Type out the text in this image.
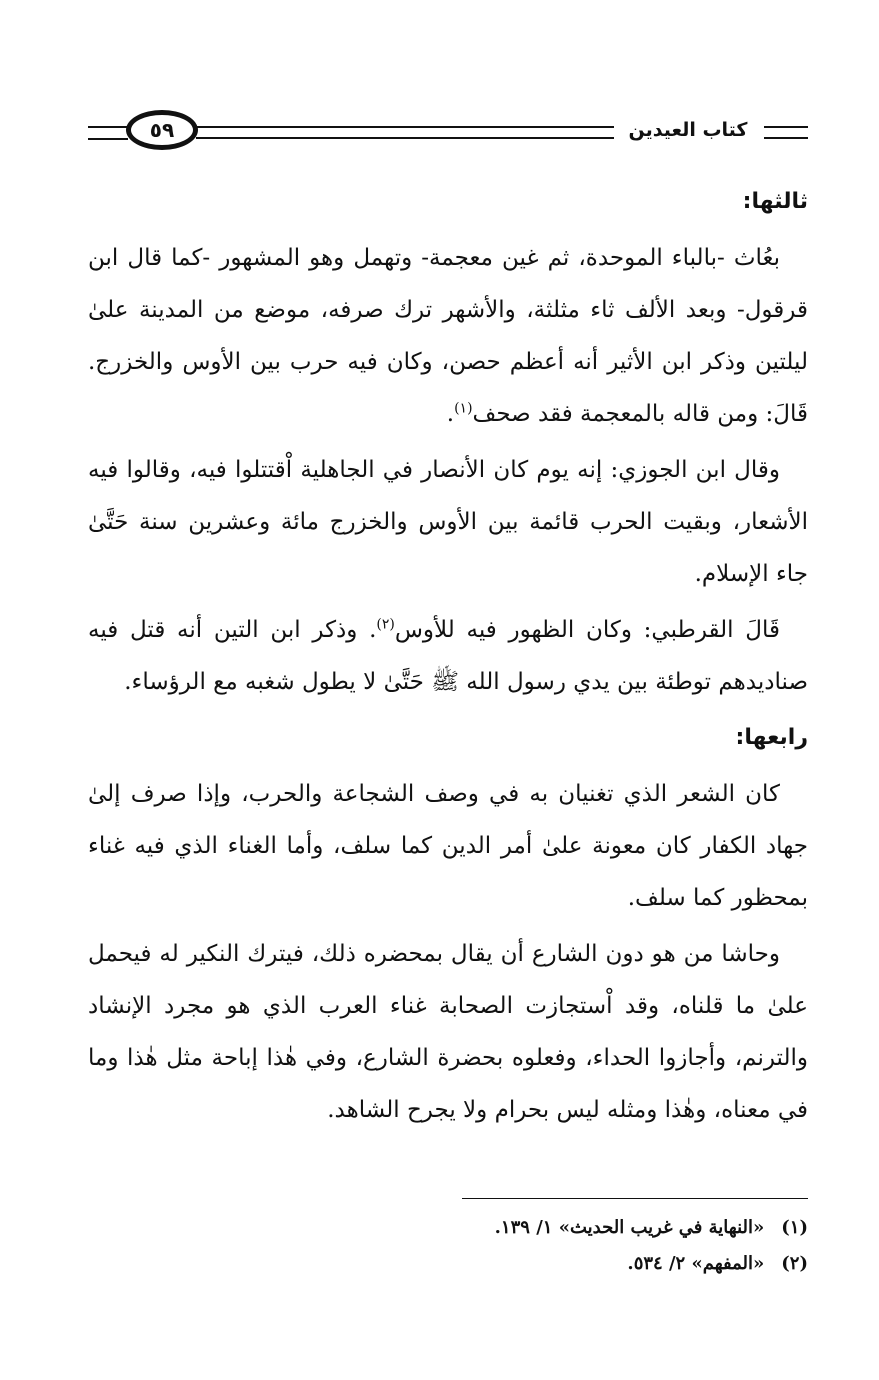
٥٩	كتاب العيدين
ثالثها:

بعُاث -بالباء الموحدة، ثم غين معجمة- وتهمل وهو المشهور -كما قال ابن قرقول- وبعد الألف ثاء مثلثة، والأشهر ترك صرفه، موضع من المدينة علىٰ ليلتين وذكر ابن الأثير أنه أعظم حصن، وكان فيه حرب بين الأوس والخزرج. قَالَ: ومن قاله بالمعجمة فقد صحف$^{(١)}$.

وقال ابن الجوزي: إنه يوم كان الأنصار في الجاهلية اْقتتلوا فيه، وقالوا فيه الأشعار، وبقيت الحرب قائمة بين الأوس والخزرج مائة وعشرين سنة حَتَّىٰ جاء الإسلام.

قَالَ القرطبي: وكان الظهور فيه للأوس$^{(٢)}$. وذكر ابن التين أنه قتل فيه صناديدهم توطئة بين يدي رسول الله ﷺ حَتَّىٰ لا يطول شغبه مع الرؤساء.

رابعها:

كان الشعر الذي تغنيان به في وصف الشجاعة والحرب، وإذا صرف إلىٰ جهاد الكفار كان معونة علىٰ أمر الدين كما سلف، وأما الغناء الذي فيه غناء بمحظور كما سلف.

وحاشا من هو دون الشارع أن يقال بمحضره ذلك، فيترك النكير له فيحمل علىٰ ما قلناه، وقد اْستجازت الصحابة غناء العرب الذي هو مجرد الإنشاد والترنم، وأجازوا الحداء، وفعلوه بحضرة الشارع، وفي هٰذا إباحة مثل هٰذا وما في معناه، وهٰذا ومثله ليس بحرام ولا يجرح الشاهد.

(١) «النهاية في غريب الحديث» ١/ ١٣٩.
(٢) «المفهم» ٢/ ٥٣٤.
